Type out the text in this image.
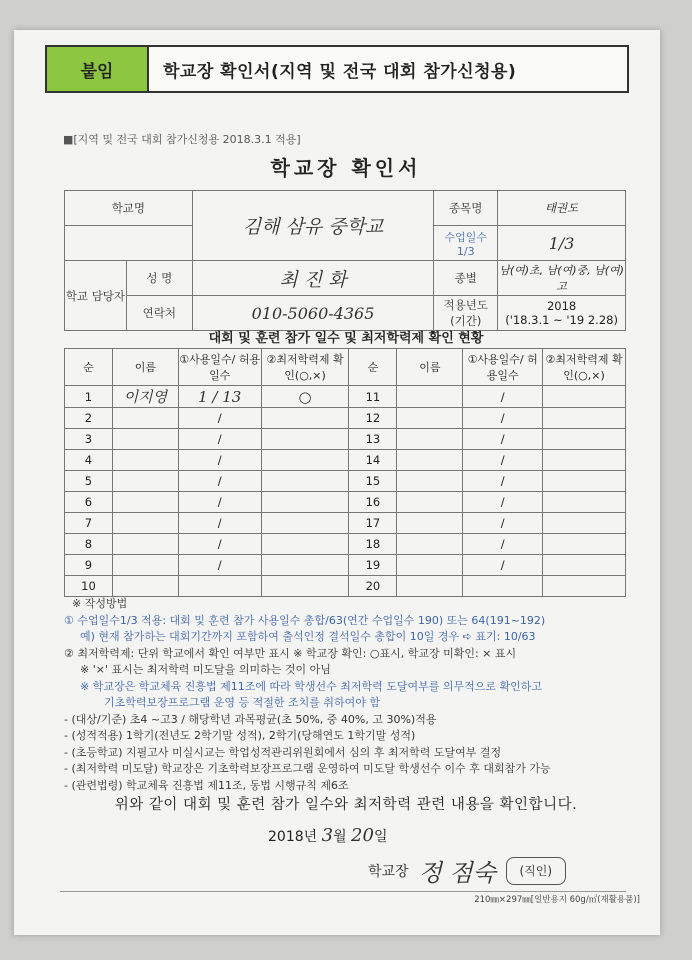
붙임	학교장 확인서(지역 및 전국 대회 참가신청용)
■[지역 및 전국 대회 참가신청용 2018.3.1 적용]
학교장 확인서
학교명		김해 삼유 중학교	종목명	태권도
			수업일수 1/3	1/3
학교 담당자	성 명	최 진 화	종별	남(여)초, 남(여)중, 남(여)고
	연락처	010-5060-4365	적용년도 (기간)	2018
('18.3.1 ~ '19 2.28)
대회 및 훈련 참가 일수 및 최저학력제 확인 현황
순	이름	①사용일수/ 허용일수	②최저학력제 확인(○,×)	순	이름	①사용일수/ 허용일수	②최저학력제 확인(○,×)
1	이지영	1 / 13	○	11		/	
2		/		12		/	
3		/		13		/	
4		/		14		/	
5		/		15		/	
6		/		16		/	
7		/		17		/	
8		/		18		/	
9		/		19		/	
10				20			
※ 작성방법
① 수업일수1/3 적용: 대회 및 훈련 참가 사용일수 총합/63(연간 수업일수 190) 또는 64(191~192)
예) 현재 참가하는 대회기간까지 포함하여 출석인정 결석일수 총합이 10일 경우 ➪ 표기: 10/63
② 최저학력제: 단위 학교에서 확인 여부만 표시 ※ 학교장 확인: ○표시, 학교장 미확인: × 표시
※ '×' 표시는 최저학력 미도달을 의미하는 것이 아님
※ 학교장은 학교체육 진흥법 제11조에 따라 학생선수 최저학력 도달여부를 의무적으로 확인하고
기초학력보장프로그램 운영 등 적절한 조치를 취하여야 함
- (대상/기준) 초4 ~고3 / 해당학년 과목평균(초 50%, 중 40%, 고 30%)적용
- (성적적용) 1학기(전년도 2학기말 성적), 2학기(당해연도 1학기말 성적)
- (초등학교) 지필고사 미실시교는 학업성적관리위원회에서 심의 후 최저학력 도달여부 결정
- (최저학력 미도달) 학교장은 기초학력보장프로그램 운영하여 미도달 학생선수 이수 후 대회참가 가능
- (관련법령) 학교체육 진흥법 제11조, 동법 시행규칙 제6조
위와 같이 대회 및 훈련 참가 일수와 최저학력 관련 내용을 확인합니다.
2018년 3월 20일
학교장 정 점숙	(직인)
210㎜×297㎜[일반용지 60g/㎡(재활용품)]
